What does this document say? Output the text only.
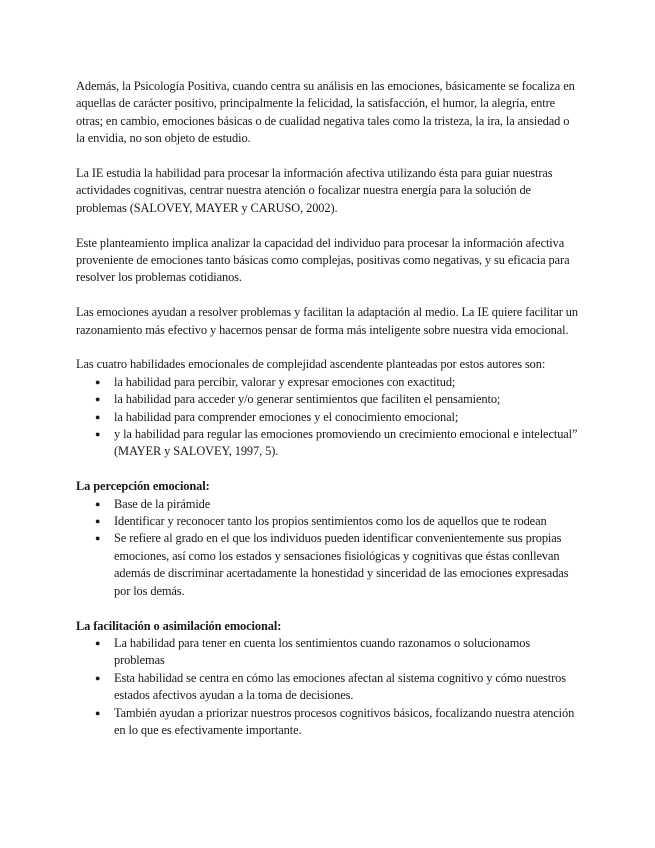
Además, la Psicología Positiva, cuando centra su análisis en las emociones, básicamente se focaliza en aquellas de carácter positivo, principalmente la felicidad, la satisfacción, el humor, la alegría, entre otras; en cambio, emociones básicas o de cualidad negativa tales como la tristeza, la ira, la ansiedad o la envidia, no son objeto de estudio.

La IE estudia la habilidad para procesar la información afectiva utilizando ésta para guiar nuestras actividades cognitivas, centrar nuestra atención o focalizar nuestra energía para la solución de problemas (SALOVEY, MAYER y CARUSO, 2002).

Este planteamiento implica analizar la capacidad del individuo para procesar la información afectiva proveniente de emociones tanto básicas como complejas, positivas como negativas, y su eficacia para resolver los problemas cotidianos.

Las emociones ayudan a resolver problemas y facilitan la adaptación al medio. La IE quiere facilitar un razonamiento más efectivo y hacernos pensar de forma más inteligente sobre nuestra vida emocional.

Las cuatro habilidades emocionales de complejidad ascendente planteadas por estos autores son:

● la habilidad para percibir, valorar y expresar emociones con exactitud;
● la habilidad para acceder y/o generar sentimientos que faciliten el pensamiento;
● la habilidad para comprender emociones y el conocimiento emocional;
● y la habilidad para regular las emociones promoviendo un crecimiento emocional e intelectual” (MAYER y SALOVEY, 1997, 5).
La percepción emocional:
● Base de la pirámide
● Identificar y reconocer tanto los propios sentimientos como los de aquellos que te rodean
● Se refiere al grado en el que los individuos pueden identificar convenientemente sus propias emociones, así como los estados y sensaciones fisiológicas y cognitivas que éstas conllevan además de discriminar acertadamente la honestidad y sinceridad de las emociones expresadas por los demás.
La facilitación o asimilación emocional:
● La habilidad para tener en cuenta los sentimientos cuando razonamos o solucionamos problemas
● Esta habilidad se centra en cómo las emociones afectan al sistema cognitivo y cómo nuestros estados afectivos ayudan a la toma de decisiones.
● También ayudan a priorizar nuestros procesos cognitivos básicos, focalizando nuestra atención en lo que es efectivamente importante.
